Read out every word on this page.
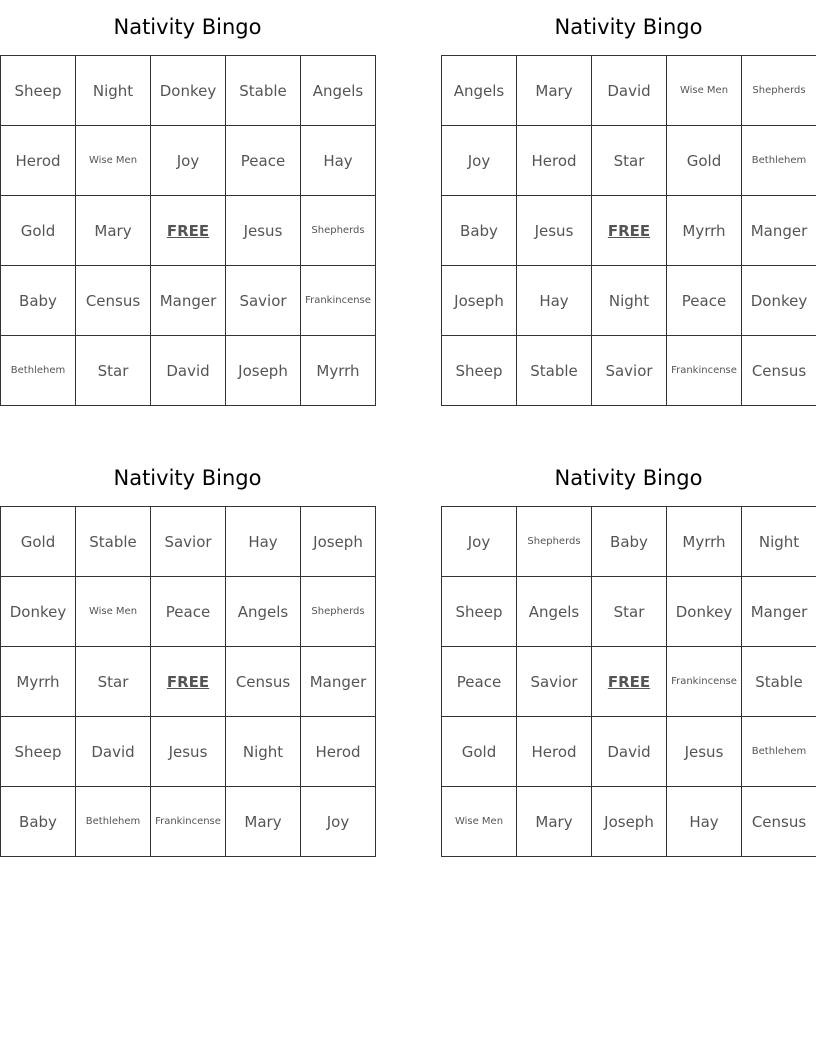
Nativity Bingo
Sheep	Night	Donkey	Stable	Angels
Herod	Wise Men	Joy	Peace	Hay
Gold	Mary	FREE	Jesus	Shepherds
Baby	Census	Manger	Savior	Frankincense
Bethlehem	Star	David	Joseph	Myrrh
Nativity Bingo
Angels	Mary	David	Wise Men	Shepherds
Joy	Herod	Star	Gold	Bethlehem
Baby	Jesus	FREE	Myrrh	Manger
Joseph	Hay	Night	Peace	Donkey
Sheep	Stable	Savior	Frankincense	Census
Nativity Bingo
Gold	Stable	Savior	Hay	Joseph
Donkey	Wise Men	Peace	Angels	Shepherds
Myrrh	Star	FREE	Census	Manger
Sheep	David	Jesus	Night	Herod
Baby	Bethlehem	Frankincense	Mary	Joy
Nativity Bingo
Joy	Shepherds	Baby	Myrrh	Night
Sheep	Angels	Star	Donkey	Manger
Peace	Savior	FREE	Frankincense	Stable
Gold	Herod	David	Jesus	Bethlehem
Wise Men	Mary	Joseph	Hay	Census
